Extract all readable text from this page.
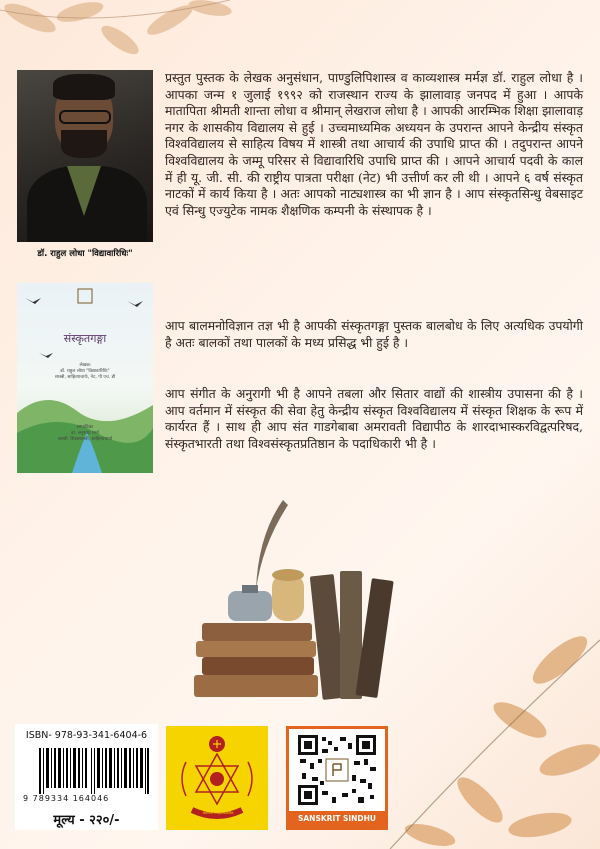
डॉ. राहुल लोधा "विद्यावारिधिः"

प्रस्तुत पुस्तक के लेखक अनुसंधान, पाण्डुलिपिशास्त्र व काव्यशास्त्र मर्मज्ञ डॉ. राहुल लोधा है । आपका जन्म १ जुलाई १९९२ को राजस्थान राज्य के झालावाड़ जनपद में हुआ । आपके मातापिता श्रीमती शान्ता लोधा व श्रीमान् लेखराज लोधा है । आपकी आरम्भिक शिक्षा झालावाड़ नगर के शासकीय विद्यालय से हुई । उच्चमाध्यमिक अध्ययन के उपरान्त आपने केन्द्रीय संस्कृत विश्वविद्यालय से साहित्य विषय में शास्त्री तथा आचार्य की उपाधि प्राप्त की । तदुपरान्त आपने विश्वविद्यालय के जम्मू परिसर से विद्यावारिधि उपाधि प्राप्त की । आपने आचार्य पदवी के काल में ही यू. जी. सी. की राष्ट्रीय पात्रता परीक्षा (नेट) भी उत्तीर्ण कर ली थी । आपने ६ वर्ष संस्कृत नाटकों में कार्य किया है । अतः आपको नाट्यशास्त्र का भी ज्ञान है । आप संस्कृतसिन्धु वेबसाइट एवं सिन्धु एज्युटेक नामक शैक्षणिक कम्पनी के संस्थापक है ।

आप बालमनोविज्ञान तज्ञ भी है आपकी संस्कृतगङ्गा पुस्तक बालबोध के लिए अत्यधिक उपयोगी है अतः बालकों तथा पालकों के मध्य प्रसिद्ध भी हुई है ।

आप संगीत के अनुरागी भी है आपने तबला और सितार वाद्यों की शास्त्रीय उपासना की है । आप वर्तमान में संस्कृत की सेवा हेतु केन्द्रीय संस्कृत विश्वविद्यालय में संस्कृत शिक्षक के रूप में कार्यरत हैं । साथ ही आप संत गाडगेबाबा अमरावती विद्यापीठ के शारदाभास्करविद्वत्परिषद, संस्कृतभारती तथा विश्वसंस्कृतप्रतिष्ठान के पदाधिकारी भी है ।

संस्कृतगङ्गा
लेखकः
डॉ. राहुल लोधा "विद्यावारिधिः"
शास्त्री, साहित्याचार्यः, नेट, पी एच. डी
सम्पादिका
डा. अनुराधा शर्मा
शास्त्री, शिक्षाशास्त्री, साहित्याचार्या
ISBN- 978-93-341-6404-6
9 789334 164046
मूल्य - २२०/-	कवयित्रि संस्कृतविद्यापीठ
SANSKRIT SINDHU
